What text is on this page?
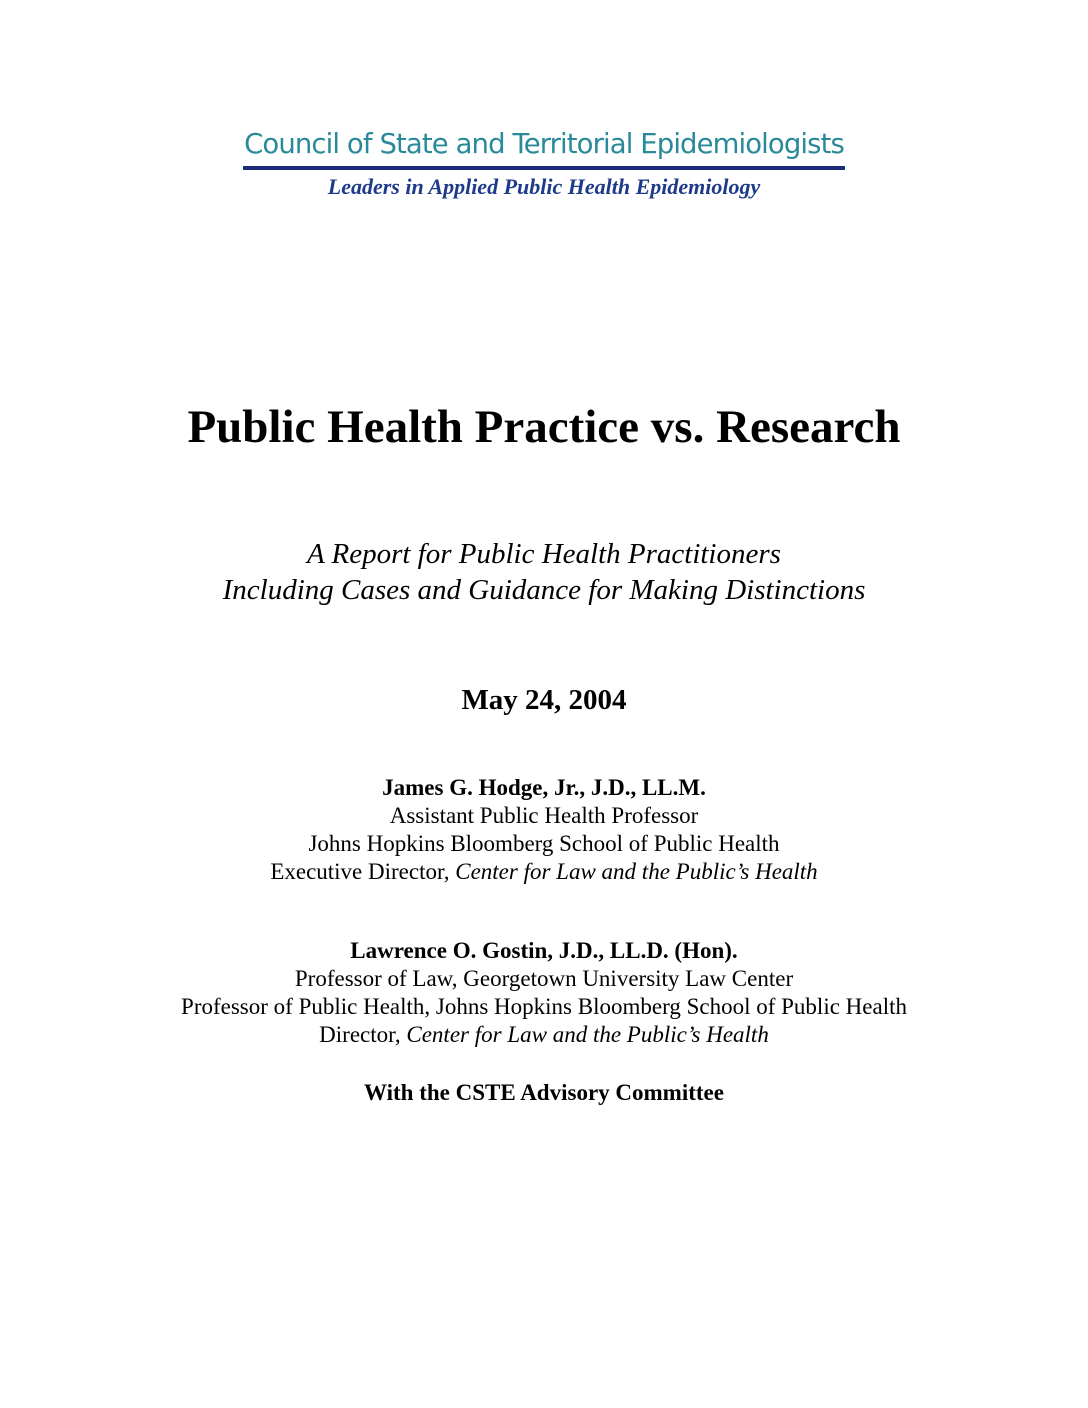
Council of State and Territorial Epidemiologists
Leaders in Applied Public Health Epidemiology
Public Health Practice vs. Research
A Report for Public Health Practitioners
Including Cases and Guidance for Making Distinctions
May 24, 2004
James G. Hodge, Jr., J.D., LL.M.
Assistant Public Health Professor
Johns Hopkins Bloomberg School of Public Health
Executive Director, Center for Law and the Public’s Health
Lawrence O. Gostin, J.D., LL.D. (Hon).
Professor of Law, Georgetown University Law Center
Professor of Public Health, Johns Hopkins Bloomberg School of Public Health
Director, Center for Law and the Public’s Health
With the CSTE Advisory Committee
